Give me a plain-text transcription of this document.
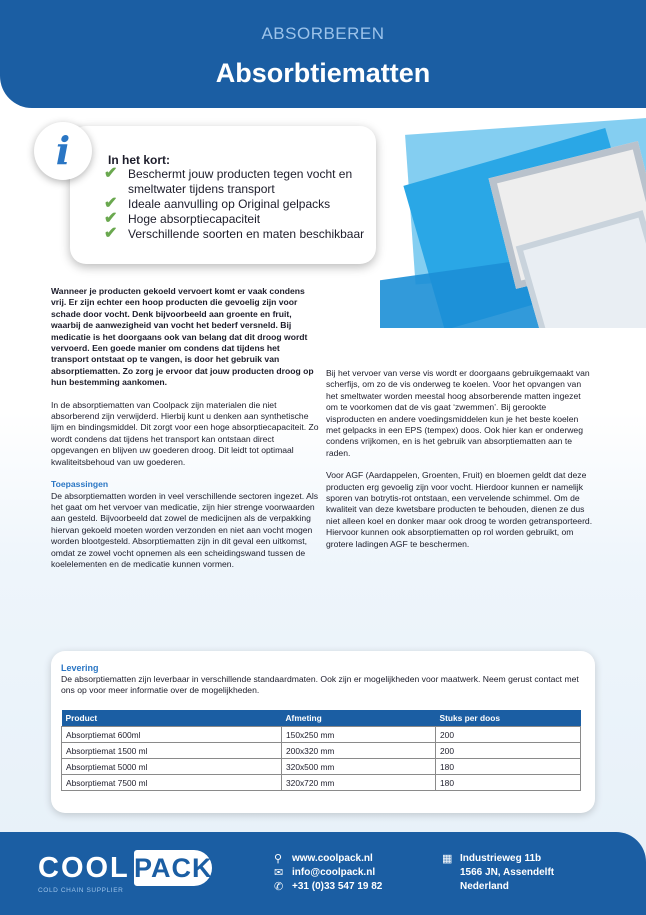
ABSORBEREN
Absorbtiematten
In het kort:
✔ Beschermt jouw producten tegen vocht en smeltwater tijdens transport
✔ Ideale aanvulling op Original gelpacks
✔ Hoge absorptiecapaciteit
✔ Verschillende soorten en maten beschikbaar
i

Wanneer je producten gekoeld vervoert komt er vaak condens vrij. Er zijn echter een hoop producten die gevoelig zijn voor schade door vocht. Denk bijvoorbeeld aan groente en fruit, waarbij de aanwezigheid van vocht het bederf versneld. Bij medicatie is het doorgaans ook van belang dat dit droog wordt vervoerd. Een goede manier om condens dat tijdens het transport ontstaat op te vangen, is door het gebruik van absorptiematten. Zo zorg je ervoor dat jouw producten droog op hun bestemming aankomen.

In de absorptiematten van Coolpack zijn materialen die niet absorberend zijn verwijderd. Hierbij kunt u denken aan synthetische lijm en bindingsmiddel. Dit zorgt voor een hoge absorptiecapaciteit. Zo wordt condens dat tijdens het transport kan ontstaan direct opgevangen en blijven uw goederen droog. Dit leidt tot optimaal kwaliteitsbehoud van uw goederen.

Toepassingen

De absorptiematten worden in veel verschillende sectoren ingezet. Als het gaat om het vervoer van medicatie, zijn hier strenge voorwaarden aan gesteld. Bijvoorbeeld dat zowel de medicijnen als de verpakking hiervan gekoeld moeten worden verzonden en niet aan vocht mogen worden blootgesteld. Absorptiematten zijn in dit geval een uitkomst, omdat ze zowel vocht opnemen als een scheidingswand tussen de koelelementen en de medicatie kunnen vormen.

Bij het vervoer van verse vis wordt er doorgaans gebruikgemaakt van scherfijs, om zo de vis onderweg te koelen. Voor het opvangen van het smeltwater worden meestal hoog absorberende matten ingezet om te voorkomen dat de vis gaat ‘zwemmen’. Bij gerookte visproducten en andere voedingsmiddelen kun je het beste koelen met gelpacks in een EPS (tempex) doos. Ook hier kan er onderweg condens vrijkomen, en is het gebruik van absorptiematten aan te raden.

Voor AGF (Aardappelen, Groenten, Fruit) en bloemen geldt dat deze producten erg gevoelig zijn voor vocht. Hierdoor kunnen er namelijk sporen van botrytis-rot ontstaan, een vervelende schimmel. Om de kwaliteit van deze kwetsbare producten te behouden, dienen ze dus niet alleen koel en donker maar ook droog te worden getransporteerd. Hiervoor kunnen ook absorptiematten op rol worden gebruikt, om grotere ladingen AGF te beschermen.

Levering
De absorptiematten zijn leverbaar in verschillende standaardmaten. Ook zijn er mogelijkheden voor maatwerk. Neem gerust contact met ons op voor meer informatie over de mogelijkheden.
Product	Afmeting	Stuks per doos
Absorptiemat 600ml	150x250 mm	200
Absorptiemat 1500 ml	200x320 mm	200
Absorptiemat 5000 ml	320x500 mm	180
Absorptiemat 7500 ml	320x720 mm	180
COOL PACK
COLD CHAIN SUPPLIER
⚲ www.coolpack.nl
✉ info@coolpack.nl
✆ +31 (0)33 547 19 82
▦ Industrieweg 11b
1566 JN, Assendelft
Nederland
